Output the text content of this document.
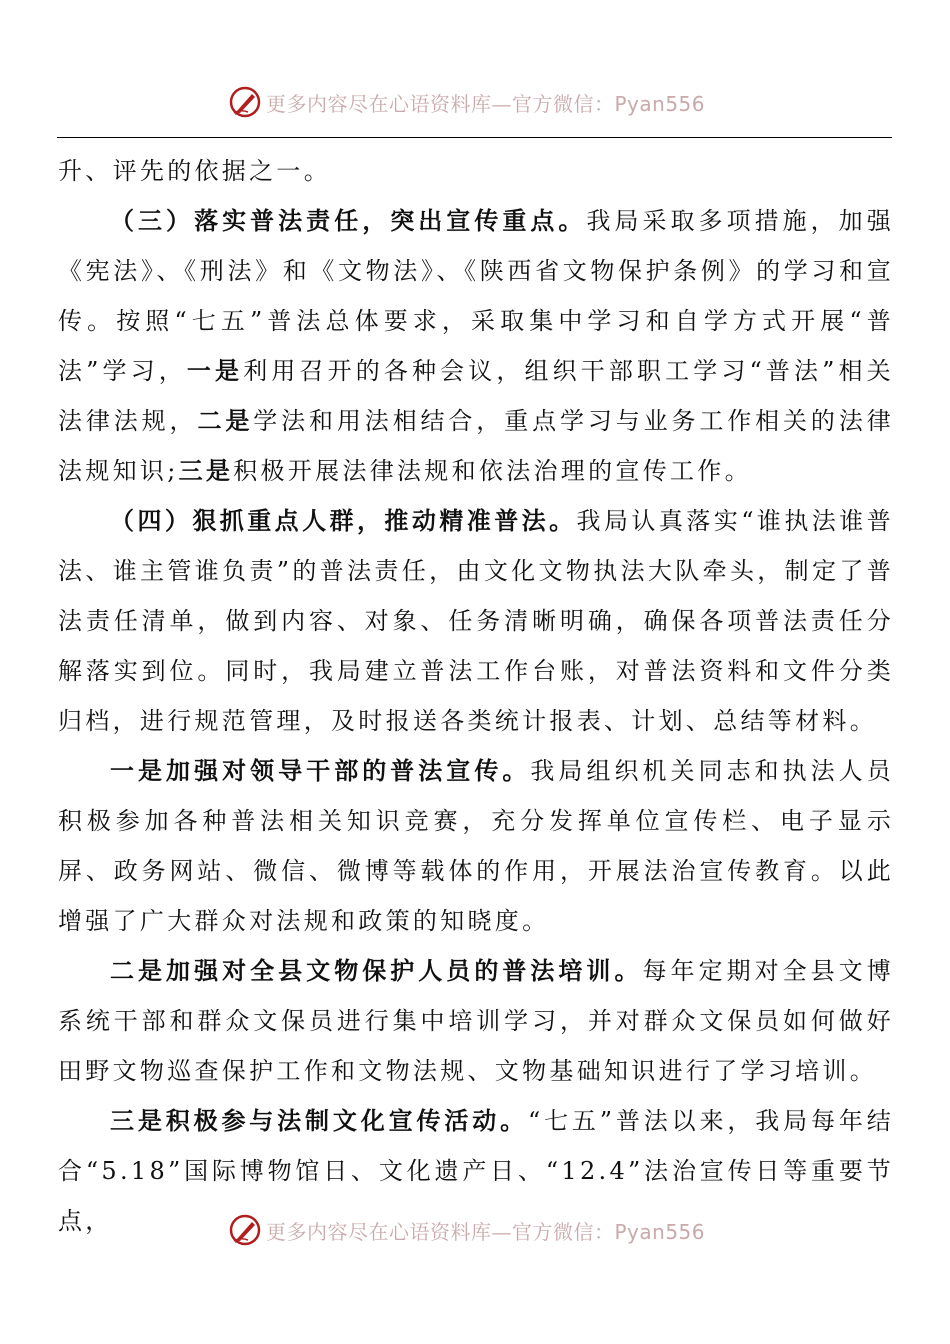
更多内容尽在心语资料库—官方微信：Pyan556

升、评先的依据之一。

（三）落实普法责任，突出宣传重点。我局采取多项措施，加强《宪法》、《刑法》和《文物法》、《陕西省文物保护条例》的学习和宣传。按照“七五”普法总体要求，采取集中学习和自学方式开展“普法”学习，一是利用召开的各种会议，组织干部职工学习“普法”相关法律法规，二是学法和用法相结合，重点学习与业务工作相关的法律法规知识;三是积极开展法律法规和依法治理的宣传工作。

（四）狠抓重点人群，推动精准普法。我局认真落实“谁执法谁普法、谁主管谁负责”的普法责任，由文化文物执法大队牵头，制定了普法责任清单，做到内容、对象、任务清晰明确，确保各项普法责任分解落实到位。同时，我局建立普法工作台账，对普法资料和文件分类归档，进行规范管理，及时报送各类统计报表、计划、总结等材料。

一是加强对领导干部的普法宣传。我局组织机关同志和执法人员积极参加各种普法相关知识竞赛，充分发挥单位宣传栏、电子显示屏、政务网站、微信、微博等载体的作用，开展法治宣传教育。以此增强了广大群众对法规和政策的知晓度。

二是加强对全县文物保护人员的普法培训。每年定期对全县文博系统干部和群众文保员进行集中培训学习，并对群众文保员如何做好田野文物巡查保护工作和文物法规、文物基础知识进行了学习培训。

三是积极参与法制文化宣传活动。“七五”普法以来，我局每年结合“5.18”国际博物馆日、文化遗产日、“12.4”法治宣传日等重要节点，	更多内容尽在心语资料库—官方微信：Pyan556
